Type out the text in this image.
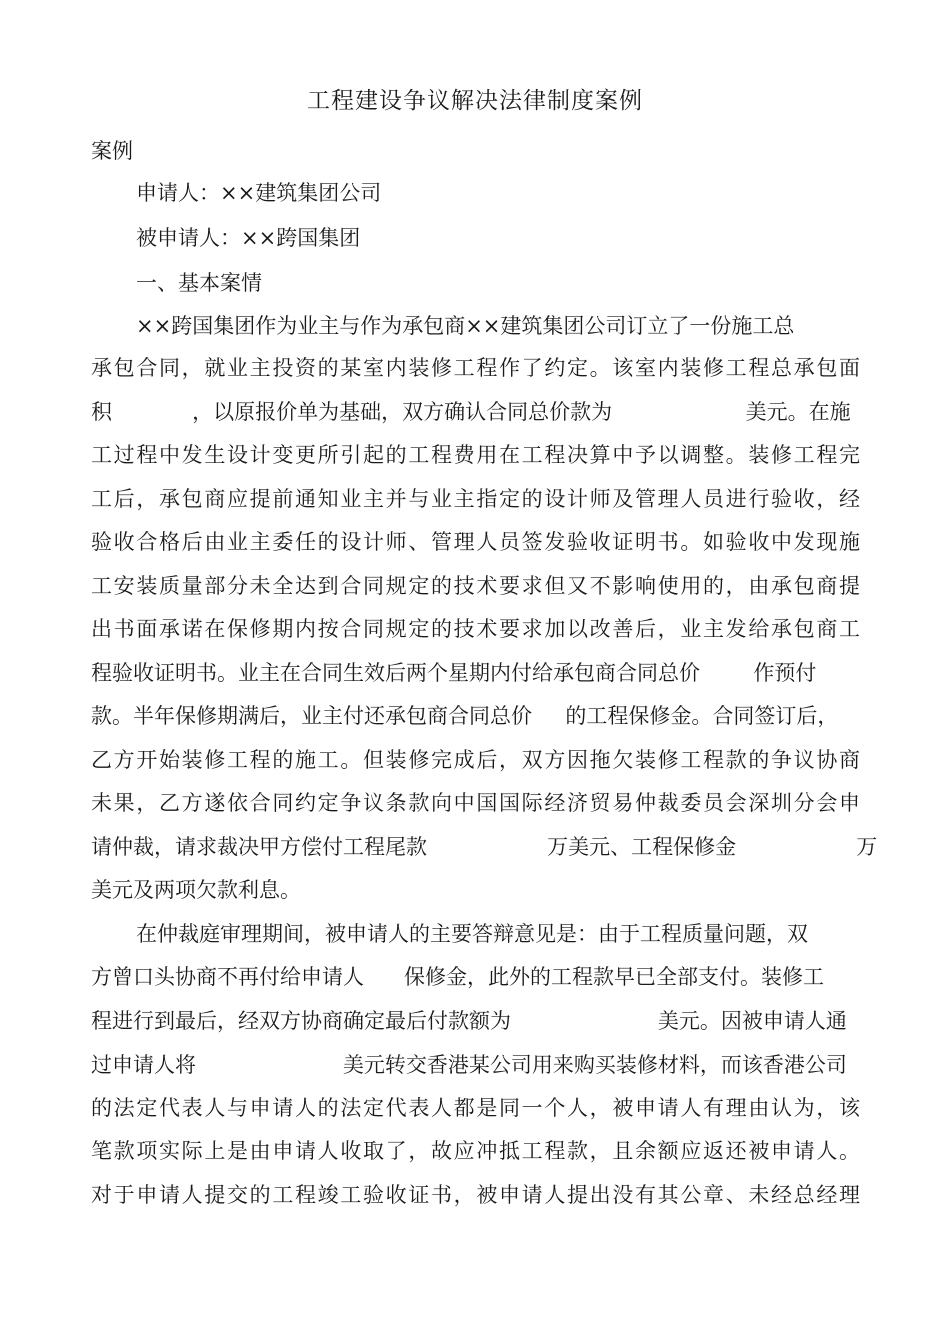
工程建设争议解决法律制度案例
案例
申请人：××建筑集团公司
被申请人：××跨国集团
一、基本案情
××跨国集团作为业主与作为承包商××建筑集团公司订立了一份施工总
承包合同，就业主投资的某室内装修工程作了约定。该室内装修工程总承包面
积            ，以原报价单为基础，双方确认合同总价款为                    美元。在施
工过程中发生设计变更所引起的工程费用在工程决算中予以调整。装修工程完
工后，承包商应提前通知业主并与业主指定的设计师及管理人员进行验收，经
验收合格后由业主委任的设计师、管理人员签发验收证明书。如验收中发现施
工安装质量部分未全达到合同规定的技术要求但又不影响使用的，由承包商提
出书面承诺在保修期内按合同规定的技术要求加以改善后，业主发给承包商工
程验收证明书。业主在合同生效后两个星期内付给承包商合同总价        作预付
款。半年保修期满后，业主付还承包商合同总价     的工程保修金。合同签订后，
乙方开始装修工程的施工。但装修完成后，双方因拖欠装修工程款的争议协商
未果，乙方遂依合同约定争议条款向中国国际经济贸易仲裁委员会深圳分会申
请仲裁，请求裁决甲方偿付工程尾款                  万美元、工程保修金                  万
美元及两项欠款利息。
在仲裁庭审理期间，被申请人的主要答辩意见是：由于工程质量问题，双
方曾口头协商不再付给申请人      保修金，此外的工程款早已全部支付。装修工
程进行到最后，经双方协商确定最后付款额为                      美元。因被申请人通
过申请人将                      美元转交香港某公司用来购买装修材料，而该香港公司
的法定代表人与申请人的法定代表人都是同一个人，被申请人有理由认为，该
笔款项实际上是由申请人收取了，故应冲抵工程款，且余额应返还被申请人。
对于申请人提交的工程竣工验收证书，被申请人提出没有其公章、未经总经理
